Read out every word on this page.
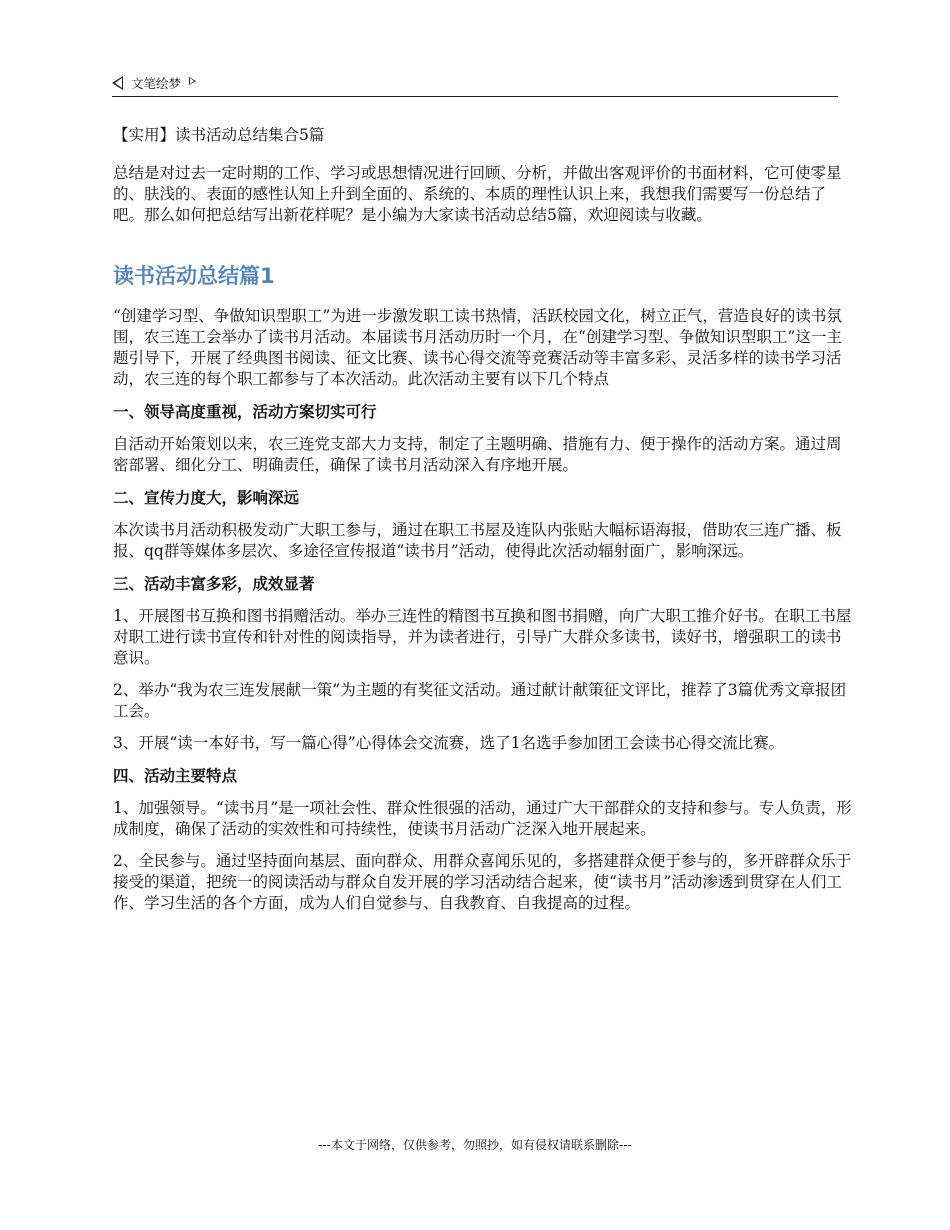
文笔绘梦

【实用】读书活动总结集合5篇

总结是对过去一定时期的工作、学习或思想情况进行回顾、分析，并做出客观评价的书面材料，它可使零星的、肤浅的、表面的感性认知上升到全面的、系统的、本质的理性认识上来，我想我们需要写一份总结了吧。那么如何把总结写出新花样呢？是小编为大家读书活动总结5篇，欢迎阅读与收藏。

读书活动总结篇1

“创建学习型、争做知识型职工”为进一步激发职工读书热情，活跃校园文化，树立正气，营造良好的读书氛围，农三连工会举办了读书月活动。本届读书月活动历时一个月，在“创建学习型、争做知识型职工”这一主题引导下，开展了经典图书阅读、征文比赛、读书心得交流等竞赛活动等丰富多彩、灵活多样的读书学习活动，农三连的每个职工都参与了本次活动。此次活动主要有以下几个特点

一、领导高度重视，活动方案切实可行

自活动开始策划以来，农三连党支部大力支持，制定了主题明确、措施有力、便于操作的活动方案。通过周密部署、细化分工、明确责任，确保了读书月活动深入有序地开展。

二、宣传力度大，影响深远

本次读书月活动积极发动广大职工参与，通过在职工书屋及连队内张贴大幅标语海报，借助农三连广播、板报、qq群等媒体多层次、多途径宣传报道“读书月”活动，使得此次活动辐射面广，影响深远。

三、活动丰富多彩，成效显著

1、开展图书互换和图书捐赠活动。举办三连性的精图书互换和图书捐赠，向广大职工推介好书。在职工书屋对职工进行读书宣传和针对性的阅读指导，并为读者进行，引导广大群众多读书，读好书，增强职工的读书意识。

2、举办“我为农三连发展献一策”为主题的有奖征文活动。通过献计献策征文评比，推荐了3篇优秀文章报团工会。

3、开展“读一本好书，写一篇心得”心得体会交流赛，选了1名选手参加团工会读书心得交流比赛。

四、活动主要特点

1、加强领导。“读书月”是一项社会性、群众性很强的活动，通过广大干部群众的支持和参与。专人负责，形成制度，确保了活动的实效性和可持续性，使读书月活动广泛深入地开展起来。

2、全民参与。通过坚持面向基层、面向群众、用群众喜闻乐见的，多搭建群众便于参与的，多开辟群众乐于接受的渠道，把统一的阅读活动与群众自发开展的学习活动结合起来，使“读书月”活动渗透到贯穿在人们工作、学习生活的各个方面，成为人们自觉参与、自我教育、自我提高的过程。

---本文于网络，仅供参考，勿照抄，如有侵权请联系删除---
